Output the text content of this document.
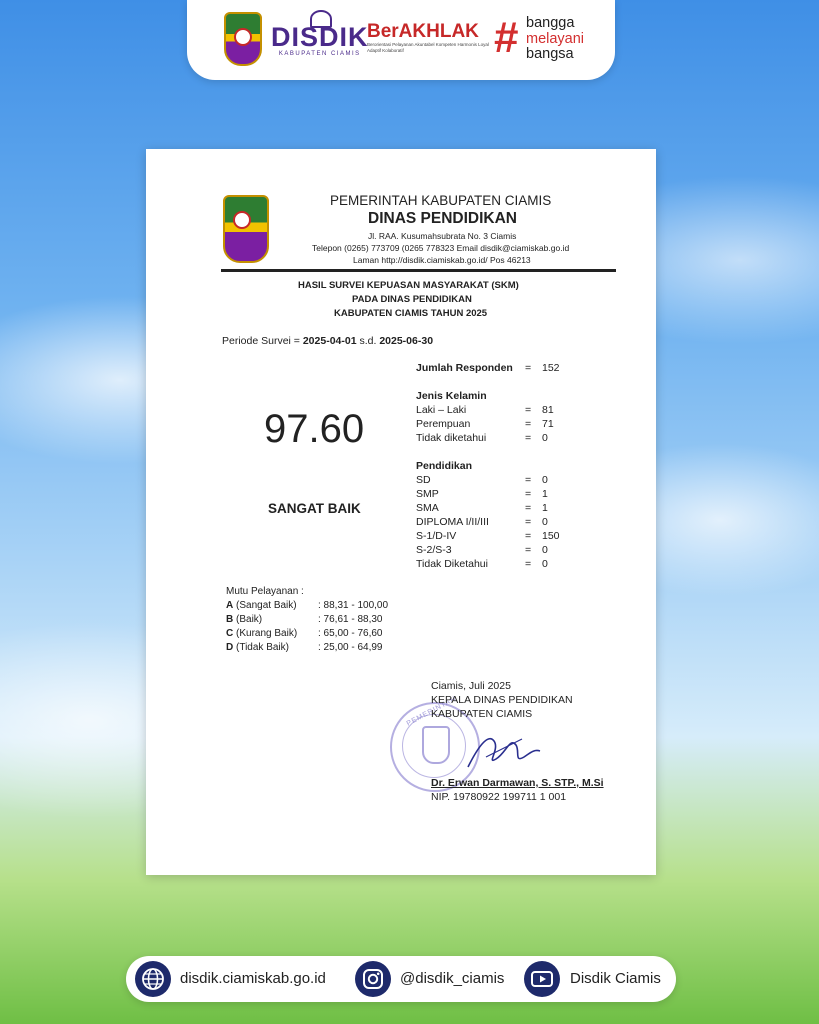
DISDIK
KABUPATEN CIAMIS
BerAKHLAK
Berorientasi Pelayanan Akuntabel Kompeten Harmonis Loyal Adaptif Kolaboratif	# bangga
melayani
bangsa
PEMERINTAH KABUPATEN CIAMIS
DINAS PENDIDIKAN
Jl. RAA. Kusumahsubrata No. 3 Ciamis
Telepon (0265) 773709 (0265 778323 Email disdik@ciamiskab.go.id
Laman http://disdik.ciamiskab.go.id/ Pos 46213
HASIL SURVEI KEPUASAN MASYARAKAT (SKM)
PADA DINAS PENDIDIKAN
KABUPATEN CIAMIS TAHUN 2025
Periode Survei = 2025-04-01 s.d. 2025-06-30
97.60
SANGAT BAIK
Jumlah Responden = 152
Jenis Kelamin
Laki – Laki	= 81
Perempuan	= 71
Tidak diketahui	= 0
Pendidikan
SD	= 0
SMP	= 1
SMA	= 1
DIPLOMA I/II/III	= 0
S-1/D-IV	= 150
S-2/S-3	= 0
Tidak Diketahui	= 0
Mutu Pelayanan :
A (Sangat Baik) : 88,31 - 100,00
B (Baik)	: 76,61 - 88,30
C (Kurang Baik) : 65,00 - 76,60
D (Tidak Baik)	: 25,00 - 64,99
PEMERINTAH
Ciamis, Juli 2025
KEPALA DINAS PENDIDIKAN
KABUPATEN CIAMIS
Dr. Erwan Darmawan, S. STP., M.Si
NIP. 19780922 199711 1 001
disdik.ciamiskab.go.id	@disdik_ciamis	Disdik Ciamis
